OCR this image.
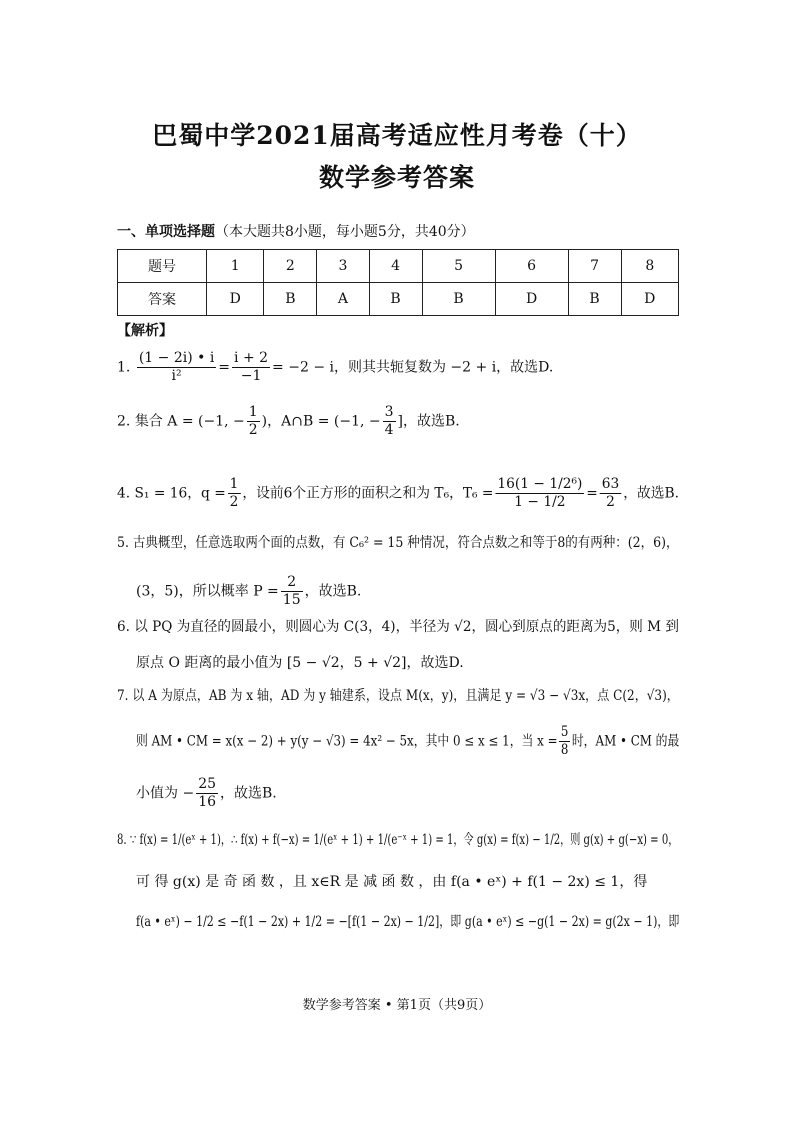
巴蜀中学2021届高考适应性月考卷（十）
数学参考答案
一、单项选择题（本大题共8小题，每小题5分，共40分）
题号	1	2	3	4	5	6	7	8
答案	D	B	A	B	B	D	B	D
【解析】
1. $\frac{(1 - 2i) • i}{\text{i²}} = \frac{i + 2}{-1} = -2 - i$，则其共轭复数为 −2 + i，故选D.
2. 集合 A = (−1, − $\frac{1}{2}$ )，A∩B = (−1, − $\frac{3}{4}$ ]，故选B.
4. S₁ = 16，$q = \frac{1}{2}$ ，设前6个正方形的面积之和为 T₆，$T_6 = \frac{\text{16(1 − 1/2⁶)}}{1 - 1/2} = \frac{63}{2}$ ，故选B.
5. 古典概型，任意选取两个面的点数，有 C₆² = 15 种情况，符合点数之和等于8的有两种：(2，6)，
(3，5)，所以概率 $P = \frac{2}{15}$ ，故选B.
6. 以 PQ 为直径的圆最小，则圆心为 C(3，4)，半径为 √2，圆心到原点的距离为5，则 M 到
原点 O 距离的最小值为 [5 − √2，5 + √2]，故选D.
7. 以 A 为原点，AB 为 x 轴，AD 为 y 轴建系，设点 M(x，y)，且满足 y = √3 − √3x，点 C(2，√3)，
则 AM • CM = x(x − 2) + y(y − √3) = 4x² − 5x，其中 0 ≤ x ≤ 1，当 $x = \frac{5}{8}$ 时，AM • CM 的最
小值为 − $\frac{25}{16}$ ，故选B.
8. ∵ f(x) = 1/(eˣ + 1)，∴ f(x) + f(−x) = 1/(eˣ + 1) + 1/(e⁻ˣ + 1) = 1，令 g(x) = f(x) − 1/2，则 g(x) + g(−x) = 0，
可 得 g(x) 是 奇 函 数 ，且 x∈R 是 减 函 数 ，由 f(a • eˣ) + f(1 − 2x) ≤ 1，得
f(a • eˣ) − 1/2 ≤ −f(1 − 2x) + 1/2 = −[f(1 − 2x) − 1/2]，即 g(a • eˣ) ≤ −g(1 − 2x) = g(2x − 1)，即
数学参考答案 • 第1页（共9页）
